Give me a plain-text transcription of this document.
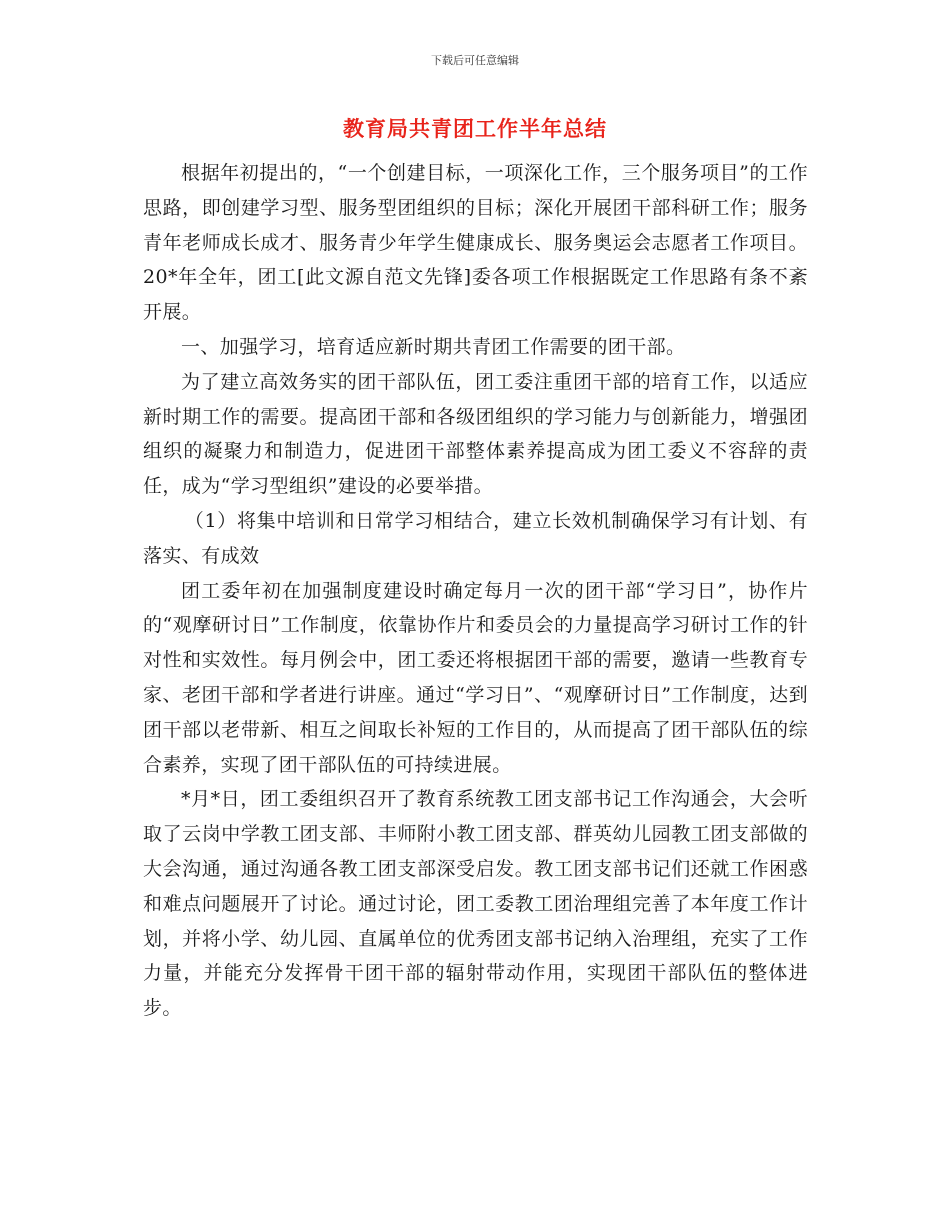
下载后可任意编辑
教育局共青团工作半年总结

根据年初提出的，“一个创建目标，一项深化工作，三个服务项目”的工作思路，即创建学习型、服务型团组织的目标；深化开展团干部科研工作；服务青年老师成长成才、服务青少年学生健康成长、服务奥运会志愿者工作项目。20*年全年，团工[此文源自范文先锋]委各项工作根据既定工作思路有条不紊开展。

一、加强学习，培育适应新时期共青团工作需要的团干部。

为了建立高效务实的团干部队伍，团工委注重团干部的培育工作，以适应新时期工作的需要。提高团干部和各级团组织的学习能力与创新能力，增强团组织的凝聚力和制造力，促进团干部整体素养提高成为团工委义不容辞的责任，成为“学习型组织”建设的必要举措。

（1）将集中培训和日常学习相结合，建立长效机制确保学习有计划、有落实、有成效

团工委年初在加强制度建设时确定每月一次的团干部“学习日”，协作片的“观摩研讨日”工作制度，依靠协作片和委员会的力量提高学习研讨工作的针对性和实效性。每月例会中，团工委还将根据团干部的需要，邀请一些教育专家、老团干部和学者进行讲座。通过“学习日”、“观摩研讨日”工作制度，达到团干部以老带新、相互之间取长补短的工作目的，从而提高了团干部队伍的综合素养，实现了团干部队伍的可持续进展。

*月*日，团工委组织召开了教育系统教工团支部书记工作沟通会，大会听取了云岗中学教工团支部、丰师附小教工团支部、群英幼儿园教工团支部做的大会沟通，通过沟通各教工团支部深受启发。教工团支部书记们还就工作困惑和难点问题展开了讨论。通过讨论，团工委教工团治理组完善了本年度工作计划，并将小学、幼儿园、直属单位的优秀团支部书记纳入治理组，充实了工作力量，并能充分发挥骨干团干部的辐射带动作用，实现团干部队伍的整体进步。
